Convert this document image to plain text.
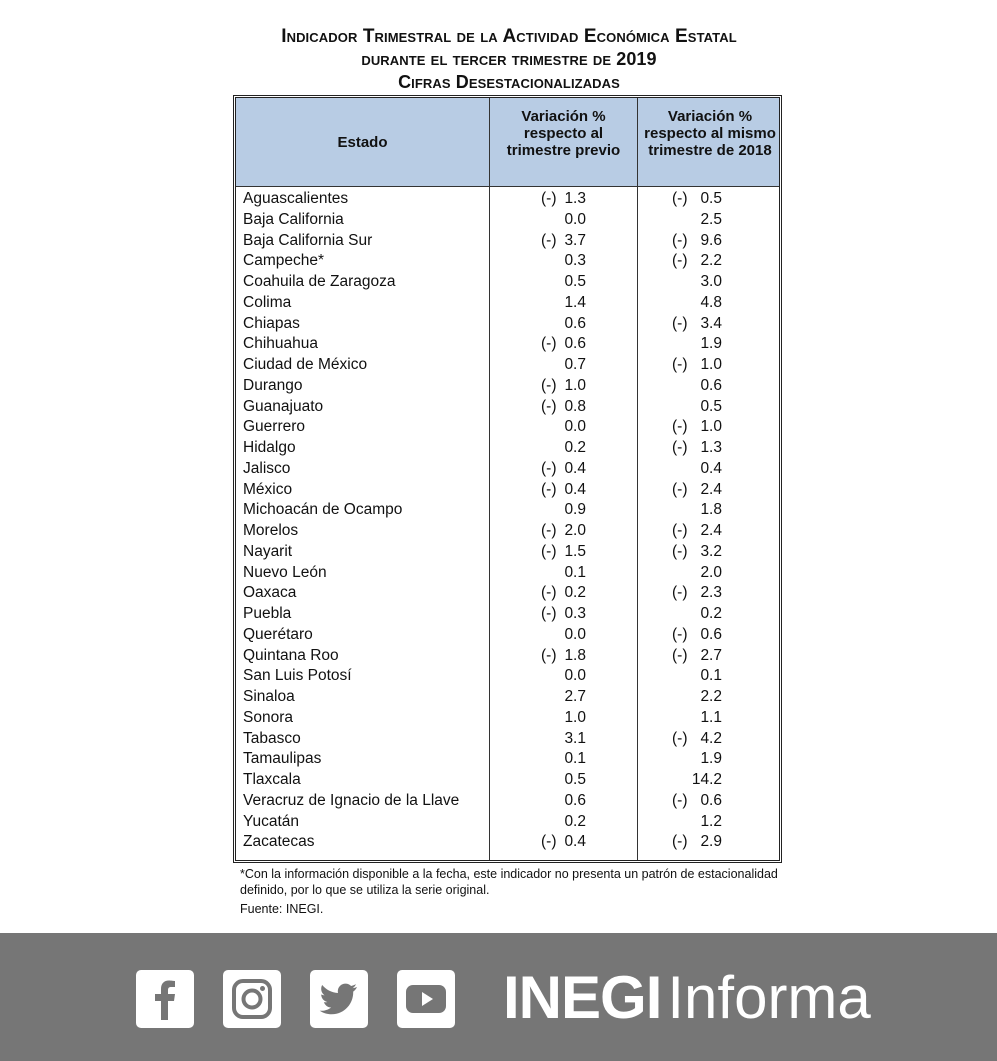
Indicador Trimestral de la Actividad Económica Estatal
durante el tercer trimestre de 2019
Cifras Desestacionalizadas
Estado
Variación % respecto al trimestre previo
Variación % respecto al mismo trimestre de 2018
Aguascalientes	(-) 1.3	(-) 0.5
Baja California	0.0	2.5
Baja California Sur	(-) 3.7	(-) 9.6
Campeche*	0.3	(-) 2.2
Coahuila de Zaragoza	0.5	3.0
Colima	1.4	4.8
Chiapas	0.6	(-) 3.4
Chihuahua	(-) 0.6	1.9
Ciudad de México	0.7	(-) 1.0
Durango	(-) 1.0	0.6
Guanajuato	(-) 0.8	0.5
Guerrero	0.0	(-) 1.0
Hidalgo	0.2	(-) 1.3
Jalisco	(-) 0.4	0.4
México	(-) 0.4	(-) 2.4
Michoacán de Ocampo	0.9	1.8
Morelos	(-) 2.0	(-) 2.4
Nayarit	(-) 1.5	(-) 3.2
Nuevo León	0.1	2.0
Oaxaca	(-) 0.2	(-) 2.3
Puebla	(-) 0.3	0.2
Querétaro	0.0	(-) 0.6
Quintana Roo	(-) 1.8	(-) 2.7
San Luis Potosí	0.0	0.1
Sinaloa	2.7	2.2
Sonora	1.0	1.1
Tabasco	3.1	(-) 4.2
Tamaulipas	0.1	1.9
Tlaxcala	0.5	14.2
Veracruz de Ignacio de la Llave	0.6	(-) 0.6
Yucatán	0.2	1.2
Zacatecas	(-) 0.4	(-) 2.9
*Con la información disponible a la fecha, este indicador no presenta un patrón de estacionalidad definido, por lo que se utiliza la serie original.
Fuente: INEGI.
INEGI Informa
